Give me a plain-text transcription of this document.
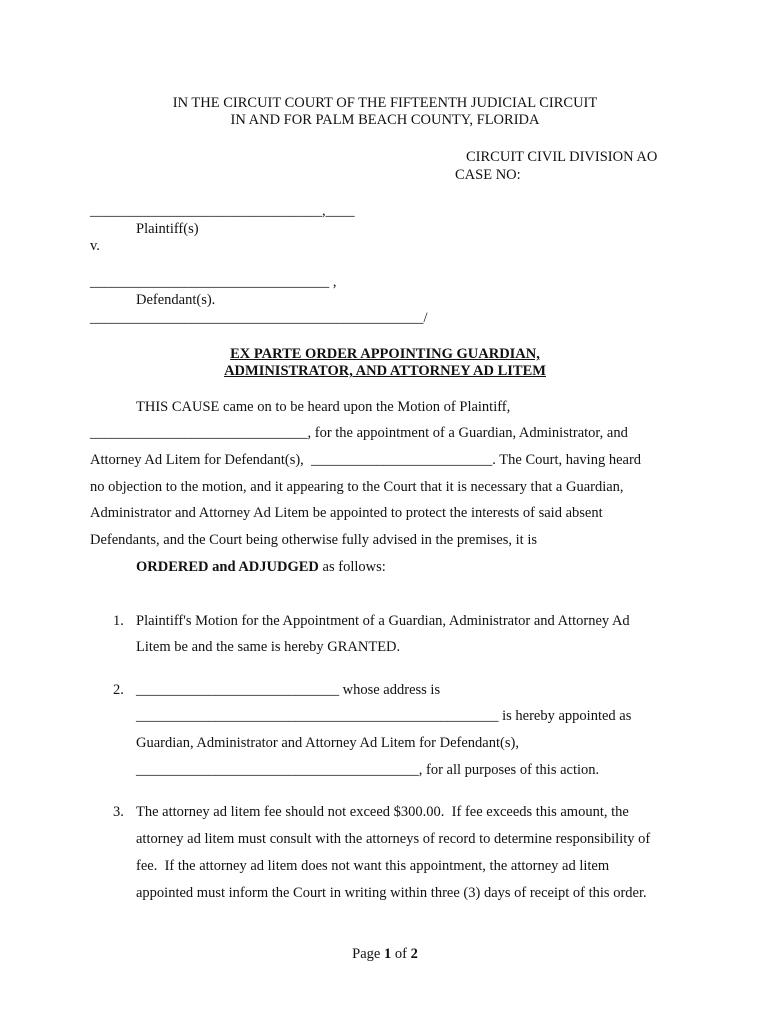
IN THE CIRCUIT COURT OF THE FIFTEENTH JUDICIAL CIRCUIT
IN AND FOR PALM BEACH COUNTY, FLORIDA
CIRCUIT CIVIL DIVISION AO
CASE NO:
________________________________,____
Plaintiff(s)
v.
_________________________________ ,
Defendant(s).
______________________________________________/
EX PARTE ORDER APPOINTING GUARDIAN,
ADMINISTRATOR, AND ATTORNEY AD LITEM
THIS CAUSE came on to be heard upon the Motion of Plaintiff,
______________________________, for the appointment of a Guardian, Administrator, and
Attorney Ad Litem for Defendant(s),  _________________________. The Court, having heard
no objection to the motion, and it appearing to the Court that it is necessary that a Guardian,
Administrator and Attorney Ad Litem be appointed to protect the interests of said absent
Defendants, and the Court being otherwise fully advised in the premises, it is
ORDERED and ADJUDGED as follows:
1. Plaintiff's Motion for the Appointment of a Guardian, Administrator and Attorney Ad
Litem be and the same is hereby GRANTED.
2. ____________________________ whose address is
__________________________________________________ is hereby appointed as
Guardian, Administrator and Attorney Ad Litem for Defendant(s),
_______________________________________, for all purposes of this action.
3. The attorney ad litem fee should not exceed $300.00.  If fee exceeds this amount, the
attorney ad litem must consult with the attorneys of record to determine responsibility of
fee.  If the attorney ad litem does not want this appointment, the attorney ad litem
appointed must inform the Court in writing within three (3) days of receipt of this order.
Page 1 of 2
